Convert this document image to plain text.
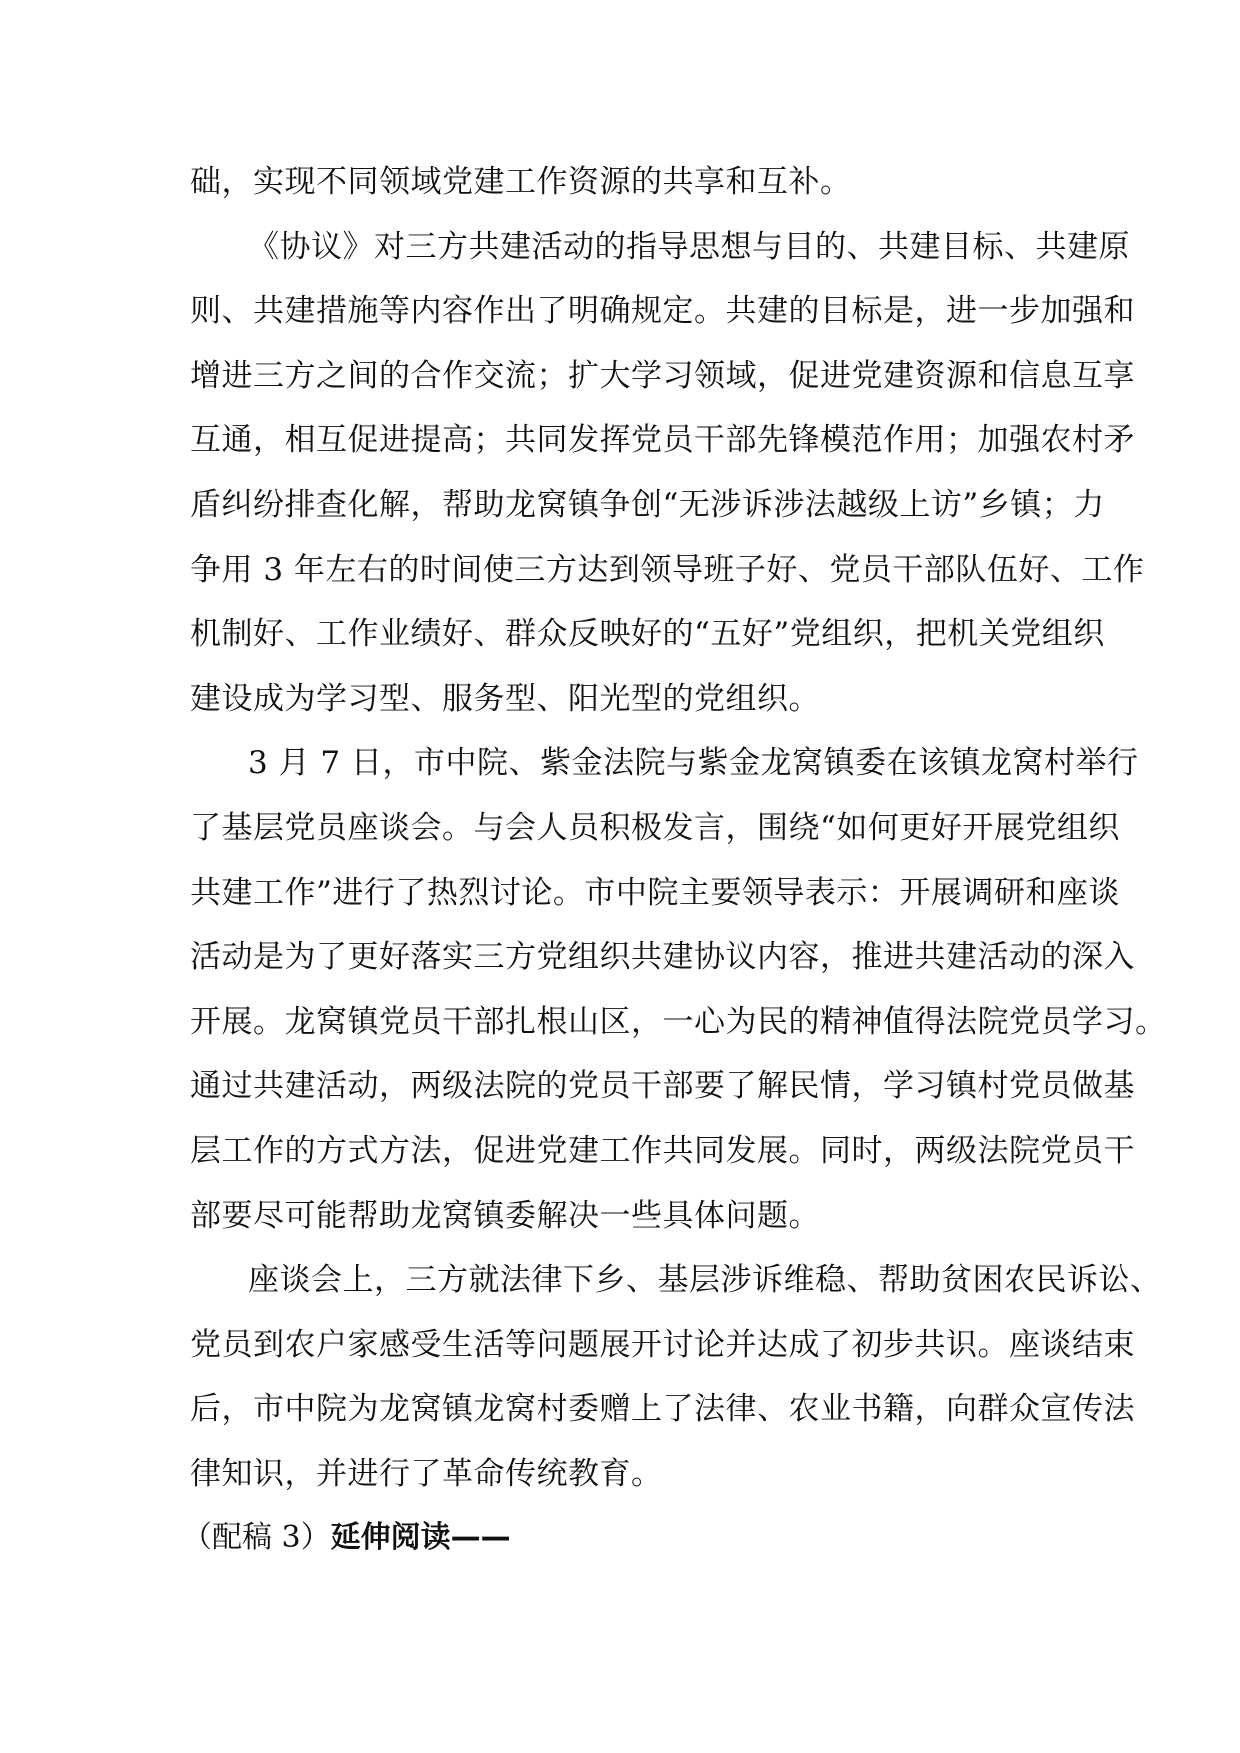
础，实现不同领域党建工作资源的共享和互补。
《协议》对三方共建活动的指导思想与目的、共建目标、共建原
则、共建措施等内容作出了明确规定。共建的目标是，进一步加强和
增进三方之间的合作交流；扩大学习领域，促进党建资源和信息互享
互通，相互促进提高；共同发挥党员干部先锋模范作用；加强农村矛
盾纠纷排查化解，帮助龙窝镇争创“无涉诉涉法越级上访”乡镇；力
争用 3 年左右的时间使三方达到领导班子好、党员干部队伍好、工作
机制好、工作业绩好、群众反映好的“五好”党组织，把机关党组织
建设成为学习型、服务型、阳光型的党组织。
3 月 7 日，市中院、紫金法院与紫金龙窝镇委在该镇龙窝村举行
了基层党员座谈会。与会人员积极发言，围绕“如何更好开展党组织
共建工作”进行了热烈讨论。市中院主要领导表示：开展调研和座谈
活动是为了更好落实三方党组织共建协议内容，推进共建活动的深入
开展。龙窝镇党员干部扎根山区，一心为民的精神值得法院党员学习。
通过共建活动，两级法院的党员干部要了解民情，学习镇村党员做基
层工作的方式方法，促进党建工作共同发展。同时，两级法院党员干
部要尽可能帮助龙窝镇委解决一些具体问题。
座谈会上，三方就法律下乡、基层涉诉维稳、帮助贫困农民诉讼、
党员到农户家感受生活等问题展开讨论并达成了初步共识。座谈结束
后，市中院为龙窝镇龙窝村委赠上了法律、农业书籍，向群众宣传法
律知识，并进行了革命传统教育。
（配稿 3）延伸阅读——
